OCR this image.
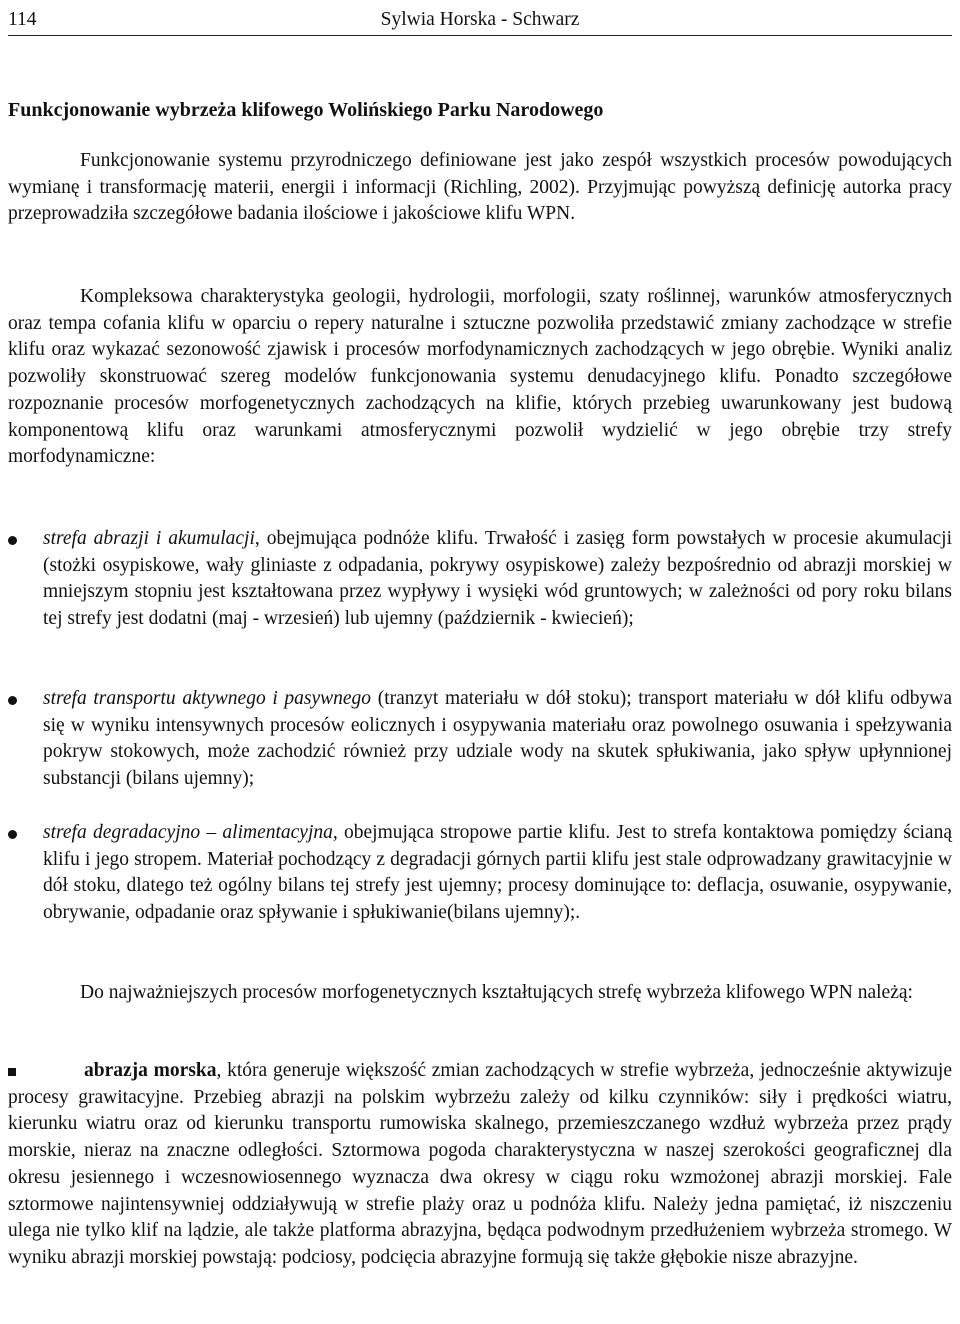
114	Sylwia Horska - Schwarz

Funkcjonowanie wybrzeża klifowego Wolińskiego Parku Narodowego

Funkcjonowanie systemu przyrodniczego definiowane jest jako zespół wszystkich procesów powodujących wymianę i transformację materii, energii i informacji (Richling, 2002). Przyjmując powyższą definicję autorka pracy przeprowadziła szczegółowe badania ilościowe i jakościowe klifu WPN.

Kompleksowa charakterystyka geologii, hydrologii, morfologii, szaty roślinnej, warunków atmosferycznych oraz tempa cofania klifu w oparciu o repery naturalne i sztuczne pozwoliła przedstawić zmiany zachodzące w strefie klifu oraz wykazać sezonowość zjawisk i procesów morfodynamicznych zachodzących w jego obrębie. Wyniki analiz pozwoliły skonstruować szereg modelów funkcjonowania systemu denudacyjnego klifu. Ponadto szczegółowe rozpoznanie procesów morfogenetycznych zachodzących na klifie, których przebieg uwarunkowany jest budową komponentową klifu oraz warunkami atmosferycznymi pozwolił wydzielić w jego obrębie trzy strefy morfodynamiczne:

strefa abrazji i akumulacji, obejmująca podnóże klifu. Trwałość i zasięg form powstałych w procesie akumulacji (stożki osypiskowe, wały gliniaste z odpadania, pokrywy osypiskowe) zależy bezpośrednio od abrazji morskiej w mniejszym stopniu jest kształtowana przez wypływy i wysięki wód gruntowych; w zależności od pory roku bilans tej strefy jest dodatni (maj - wrzesień) lub ujemny (październik - kwiecień);

strefa transportu aktywnego i pasywnego (tranzyt materiału w dół stoku); transport materiału w dół klifu odbywa się w wyniku intensywnych procesów eolicznych i osypywania materiału oraz powolnego osuwania i spełzywania pokryw stokowych, może zachodzić również przy udziale wody na skutek spłukiwania, jako spływ upłynnionej substancji (bilans ujemny);

strefa degradacyjno – alimentacyjna, obejmująca stropowe partie klifu. Jest to strefa kontaktowa pomiędzy ścianą klifu i jego stropem. Materiał pochodzący z degradacji górnych partii klifu jest stale odprowadzany grawitacyjnie w dół stoku, dlatego też ogólny bilans tej strefy jest ujemny; procesy dominujące to: deflacja, osuwanie, osypywanie, obrywanie, odpadanie oraz spływanie i spłukiwanie(bilans ujemny);.

Do najważniejszych procesów morfogenetycznych kształtujących strefę wybrzeża klifowego WPN należą:

abrazja morska, która generuje większość zmian zachodzących w strefie wybrzeża, jednocześnie aktywizuje procesy grawitacyjne. Przebieg abrazji na polskim wybrzeżu zależy od kilku czynników: siły i prędkości wiatru, kierunku wiatru oraz od kierunku transportu rumowiska skalnego, przemieszczanego wzdłuż wybrzeża przez prądy morskie, nieraz na znaczne odległości. Sztormowa pogoda charakterystyczna w naszej szerokości geograficznej dla okresu jesiennego i wczesnowiosennego wyznacza dwa okresy w ciągu roku wzmożonej abrazji morskiej. Fale sztormowe najintensywniej oddziaływują w strefie plaży oraz u podnóża klifu. Należy jedna pamiętać, iż niszczeniu ulega nie tylko klif na lądzie, ale także platforma abrazyjna, będąca podwodnym przedłużeniem wybrzeża stromego. W wyniku abrazji morskiej powstają: podciosy, podcięcia abrazyjne formują się także głębokie nisze abrazyjne.
